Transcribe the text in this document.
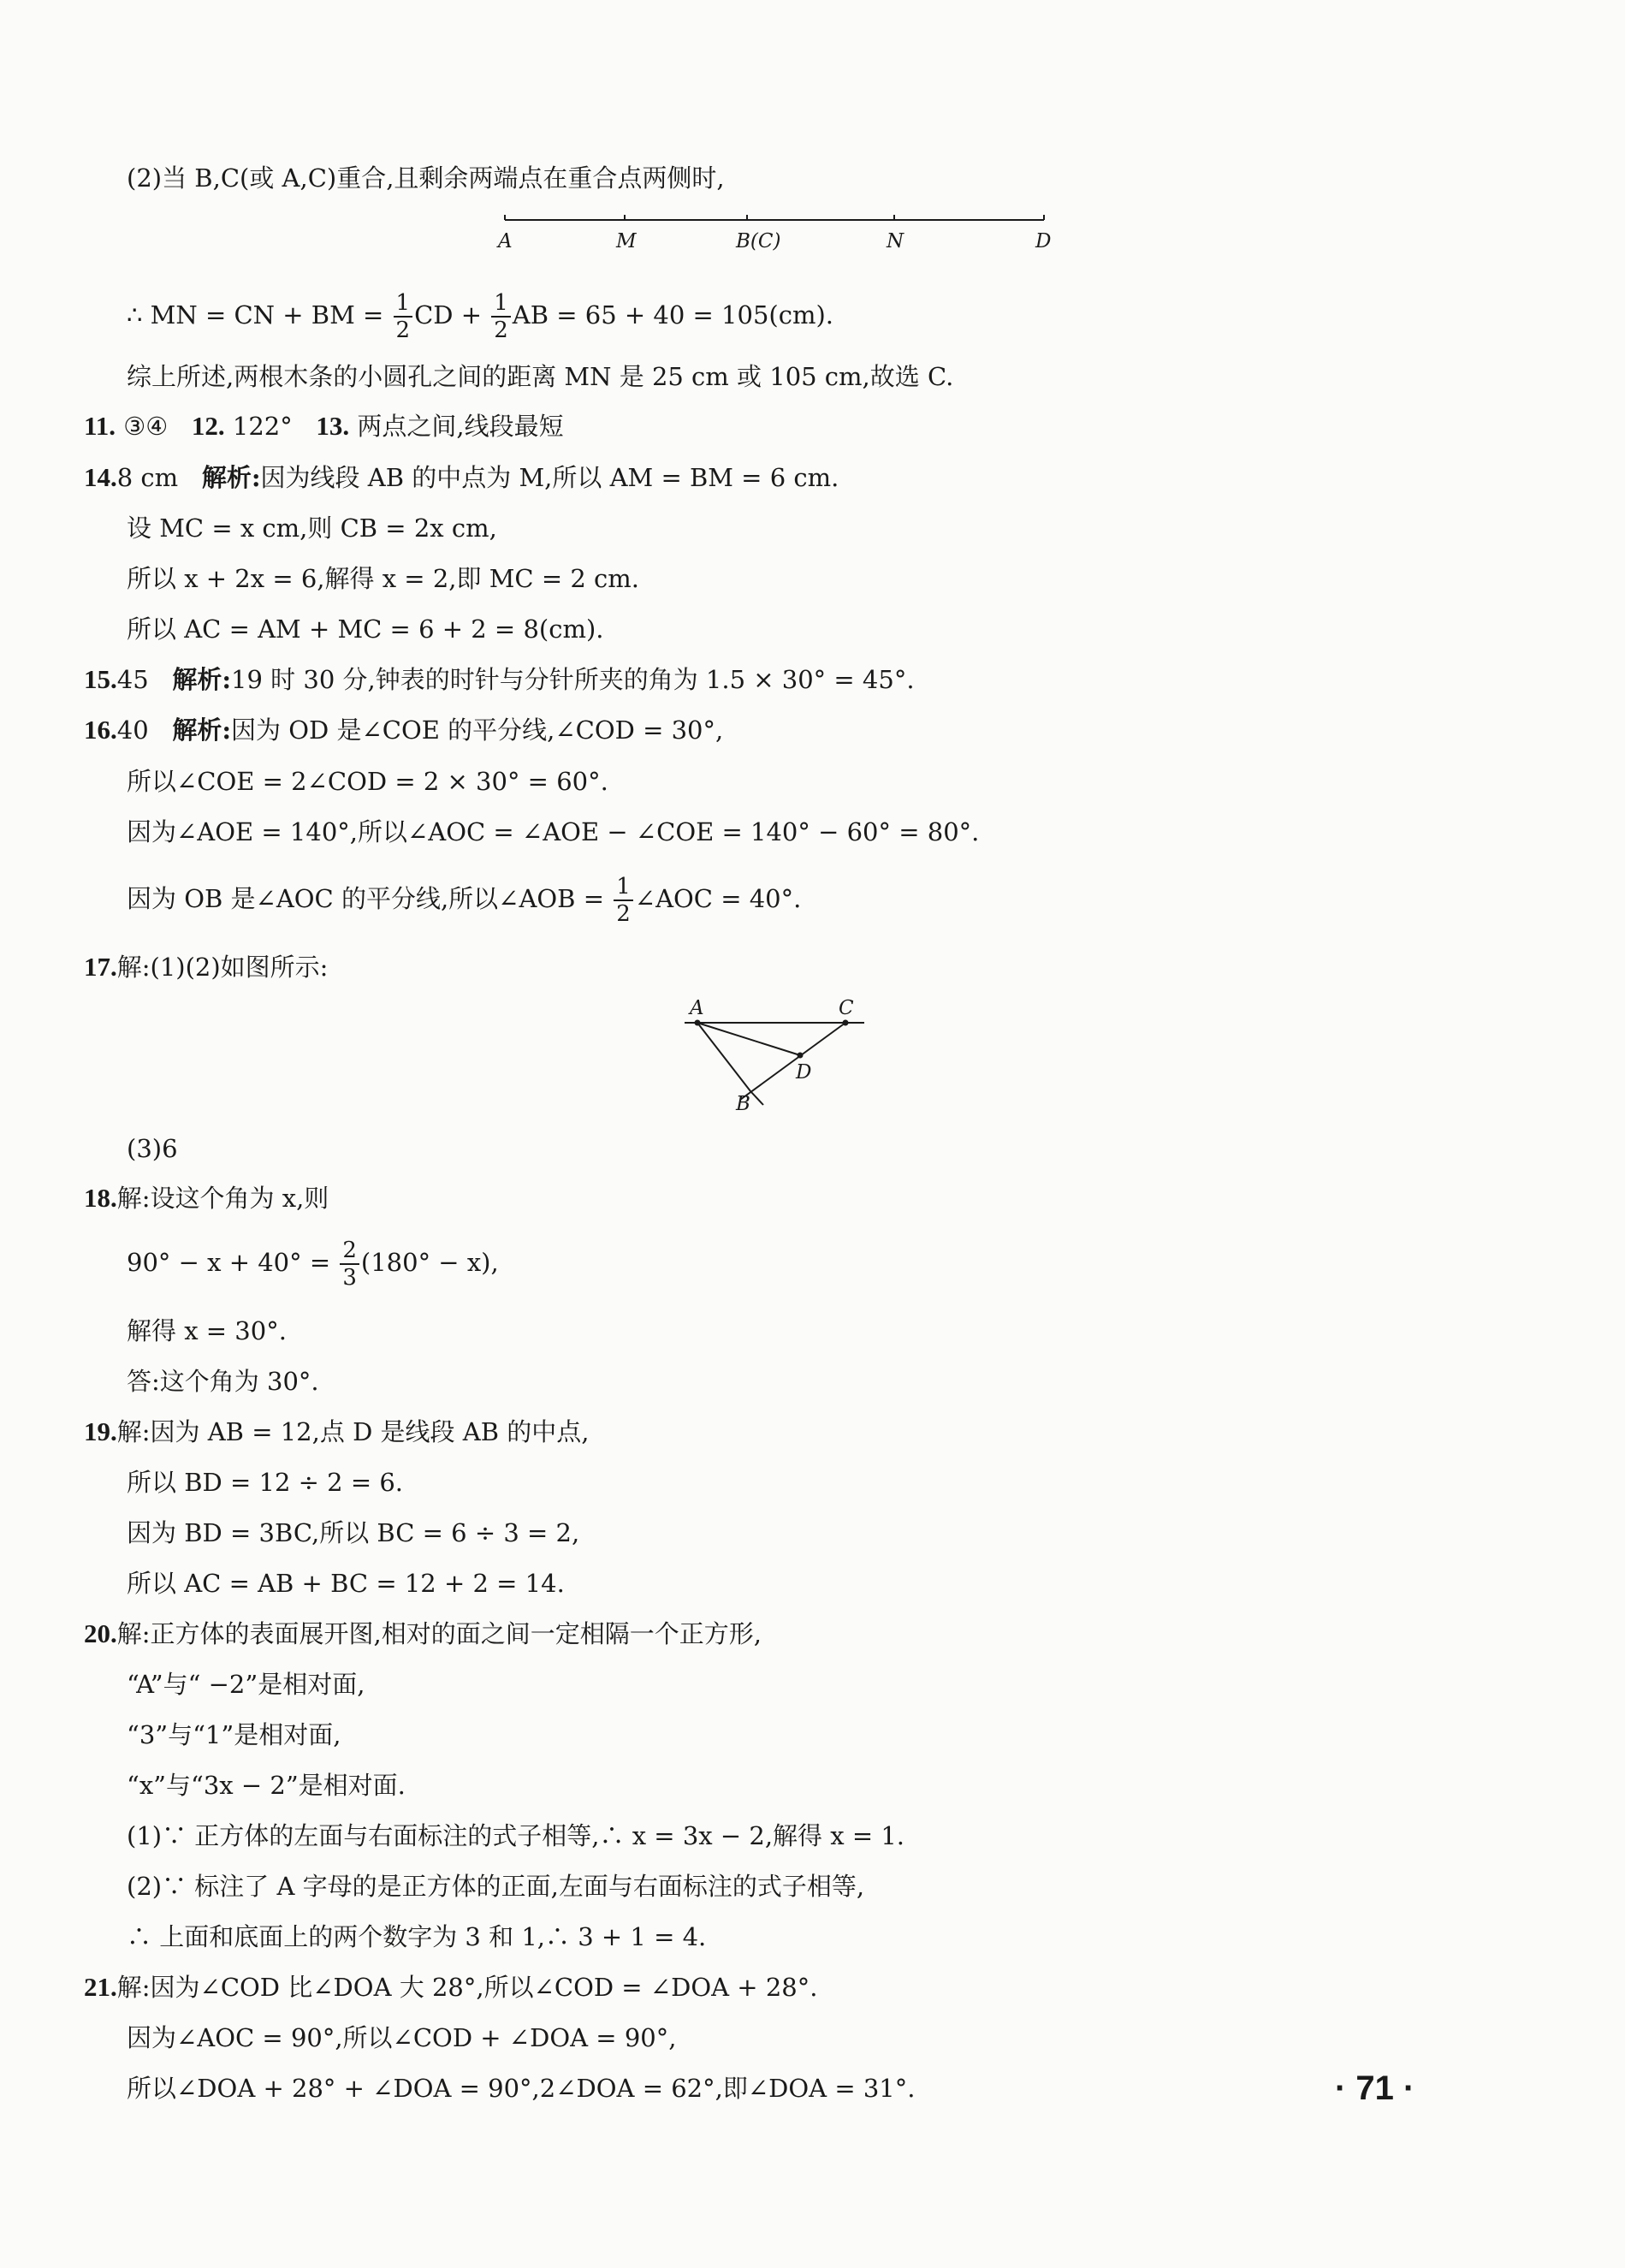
(2)当 B,C(或 A,C)重合,且剩余两端点在重合点两侧时,
A	M	B(C)	N	D
∴ MN = CN + BM = $\frac{1}{2}$ CD + $\frac{1}{2}$ AB = 65 + 40 = 105(cm).
综上所述,两根木条的小圆孔之间的距离 MN 是 25 cm 或 105 cm,故选 C.
11. ③④ 12. 122° 13. 两点之间,线段最短
14.8 cm 解析:因为线段 AB 的中点为 M,所以 AM = BM = 6 cm.
设 MC = x cm,则 CB = 2x cm,
所以 x + 2x = 6,解得 x = 2,即 MC = 2 cm.
所以 AC = AM + MC = 6 + 2 = 8(cm).
15.45 解析:19 时 30 分,钟表的时针与分针所夹的角为 1.5 × 30° = 45°.
16.40 解析:因为 OD 是∠COE 的平分线,∠COD = 30°,
所以∠COE = 2∠COD = 2 × 30° = 60°.
因为∠AOE = 140°,所以∠AOC = ∠AOE − ∠COE = 140° − 60° = 80°.
因为 OB 是∠AOC 的平分线,所以∠AOB = $\frac{1}{2}$ ∠AOC = 40°.
17.解:(1)(2)如图所示:
A	C
D
B
(3)6
18.解:设这个角为 x,则
$90^\circ - x + 40^\circ = \frac{2}{3} (180^\circ - x)$,
解得 x = 30°.
答:这个角为 30°.
19.解:因为 AB = 12,点 D 是线段 AB 的中点,
所以 BD = 12 ÷ 2 = 6.
因为 BD = 3BC,所以 BC = 6 ÷ 3 = 2,
所以 AC = AB + BC = 12 + 2 = 14.
20.解:正方体的表面展开图,相对的面之间一定相隔一个正方形,
“A”与“ −2”是相对面,
“3”与“1”是相对面,
“x”与“3x − 2”是相对面.
(1)∵ 正方体的左面与右面标注的式子相等,∴ x = 3x − 2,解得 x = 1.
(2)∵ 标注了 A 字母的是正方体的正面,左面与右面标注的式子相等,
∴ 上面和底面上的两个数字为 3 和 1,∴ 3 + 1 = 4.
21.解:因为∠COD 比∠DOA 大 28°,所以∠COD = ∠DOA + 28°.
因为∠AOC = 90°,所以∠COD + ∠DOA = 90°,
所以∠DOA + 28° + ∠DOA = 90°,2∠DOA = 62°,即∠DOA = 31°.	· 71 ·
